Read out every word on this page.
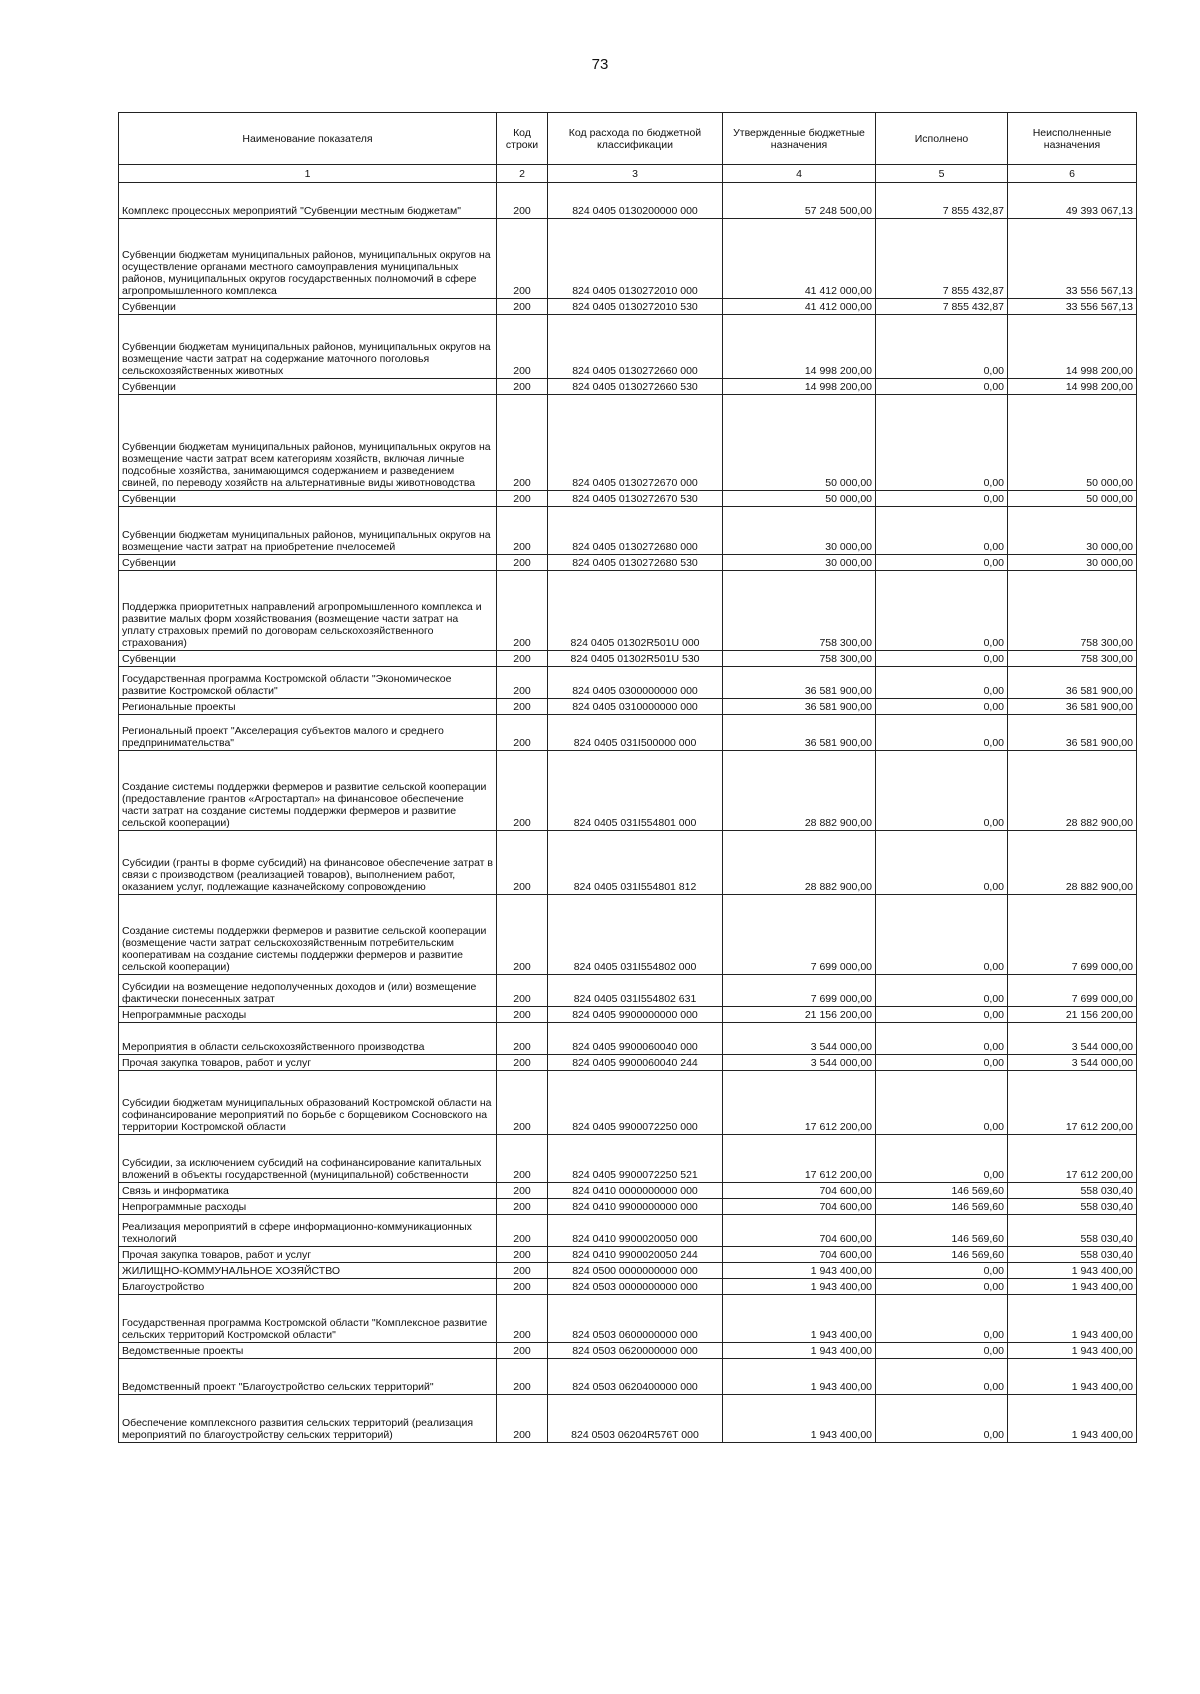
73
Наименование показателя	Код строки	Код расхода по бюджетной классификации	Утвержденные бюджетные назначения	Исполнено	Неисполненные назначения
1	2	3	4	5	6
Комплекс процессных мероприятий "Субвенции местным бюджетам"	200	824 0405 0130200000 000	57 248 500,00	7 855 432,87	49 393 067,13
Субвенции бюджетам муниципальных районов, муниципальных округов на осуществление органами местного самоуправления муниципальных районов, муниципальных округов государственных полномочий в сфере агропромышленного комплекса	200	824 0405 0130272010 000	41 412 000,00	7 855 432,87	33 556 567,13
Субвенции	200	824 0405 0130272010 530	41 412 000,00	7 855 432,87	33 556 567,13
Субвенции бюджетам муниципальных районов, муниципальных округов на возмещение части затрат на содержание маточного поголовья сельскохозяйственных животных	200	824 0405 0130272660 000	14 998 200,00	0,00	14 998 200,00
Субвенции	200	824 0405 0130272660 530	14 998 200,00	0,00	14 998 200,00
Субвенции бюджетам муниципальных районов, муниципальных округов на возмещение части затрат всем категориям хозяйств, включая личные подсобные хозяйства, занимающимся содержанием и разведением свиней, по переводу хозяйств на альтернативные виды животноводства	200	824 0405 0130272670 000	50 000,00	0,00	50 000,00
Субвенции	200	824 0405 0130272670 530	50 000,00	0,00	50 000,00
Субвенции бюджетам муниципальных районов, муниципальных округов на возмещение части затрат на приобретение пчелосемей	200	824 0405 0130272680 000	30 000,00	0,00	30 000,00
Субвенции	200	824 0405 0130272680 530	30 000,00	0,00	30 000,00
Поддержка приоритетных направлений агропромышленного комплекса и развитие малых форм хозяйствования (возмещение части затрат на уплату страховых премий по договорам сельскохозяйственного страхования)	200	824 0405 01302R501U 000	758 300,00	0,00	758 300,00
Субвенции	200	824 0405 01302R501U 530	758 300,00	0,00	758 300,00
Государственная программа Костромской области "Экономическое развитие Костромской области"	200	824 0405 0300000000 000	36 581 900,00	0,00	36 581 900,00
Региональные проекты	200	824 0405 0310000000 000	36 581 900,00	0,00	36 581 900,00
Региональный проект "Акселерация субъектов малого и среднего предпринимательства"	200	824 0405 031I500000 000	36 581 900,00	0,00	36 581 900,00
Создание системы поддержки фермеров и развитие сельской кооперации (предоставление грантов «Агростартап» на финансовое обеспечение части затрат на создание системы поддержки фермеров и развитие сельской кооперации)	200	824 0405 031I554801 000	28 882 900,00	0,00	28 882 900,00
Субсидии (гранты в форме субсидий) на финансовое обеспечение затрат в связи с производством (реализацией товаров), выполнением работ, оказанием услуг, подлежащие казначейскому сопровождению	200	824 0405 031I554801 812	28 882 900,00	0,00	28 882 900,00
Создание системы поддержки фермеров и развитие сельской кооперации (возмещение части затрат сельскохозяйственным потребительским кооперативам на создание системы поддержки фермеров и развитие сельской кооперации)	200	824 0405 031I554802 000	7 699 000,00	0,00	7 699 000,00
Субсидии на возмещение недополученных доходов и (или) возмещение фактически понесенных затрат	200	824 0405 031I554802 631	7 699 000,00	0,00	7 699 000,00
Непрограммные расходы	200	824 0405 9900000000 000	21 156 200,00	0,00	21 156 200,00
Мероприятия в области сельскохозяйственного производства	200	824 0405 9900060040 000	3 544 000,00	0,00	3 544 000,00
Прочая закупка товаров, работ и услуг	200	824 0405 9900060040 244	3 544 000,00	0,00	3 544 000,00
Субсидии бюджетам муниципальных образований Костромской области на софинансирование мероприятий по борьбе с борщевиком Сосновского на территории Костромской области	200	824 0405 9900072250 000	17 612 200,00	0,00	17 612 200,00
Субсидии, за исключением субсидий на софинансирование капитальных вложений в объекты государственной (муниципальной) собственности	200	824 0405 9900072250 521	17 612 200,00	0,00	17 612 200,00
Связь и информатика	200	824 0410 0000000000 000	704 600,00	146 569,60	558 030,40
Непрограммные расходы	200	824 0410 9900000000 000	704 600,00	146 569,60	558 030,40
Реализация мероприятий в сфере информационно-коммуникационных технологий	200	824 0410 9900020050 000	704 600,00	146 569,60	558 030,40
Прочая закупка товаров, работ и услуг	200	824 0410 9900020050 244	704 600,00	146 569,60	558 030,40
ЖИЛИЩНО-КОММУНАЛЬНОЕ ХОЗЯЙСТВО	200	824 0500 0000000000 000	1 943 400,00	0,00	1 943 400,00
Благоустройство	200	824 0503 0000000000 000	1 943 400,00	0,00	1 943 400,00
Государственная программа Костромской области "Комплексное развитие сельских территорий Костромской области"	200	824 0503 0600000000 000	1 943 400,00	0,00	1 943 400,00
Ведомственные проекты	200	824 0503 0620000000 000	1 943 400,00	0,00	1 943 400,00
Ведомственный проект "Благоустройство сельских территорий"	200	824 0503 0620400000 000	1 943 400,00	0,00	1 943 400,00
Обеспечение комплексного развития сельских территорий (реализация мероприятий по благоустройству сельских территорий)	200	824 0503 06204R576T 000	1 943 400,00	0,00	1 943 400,00
